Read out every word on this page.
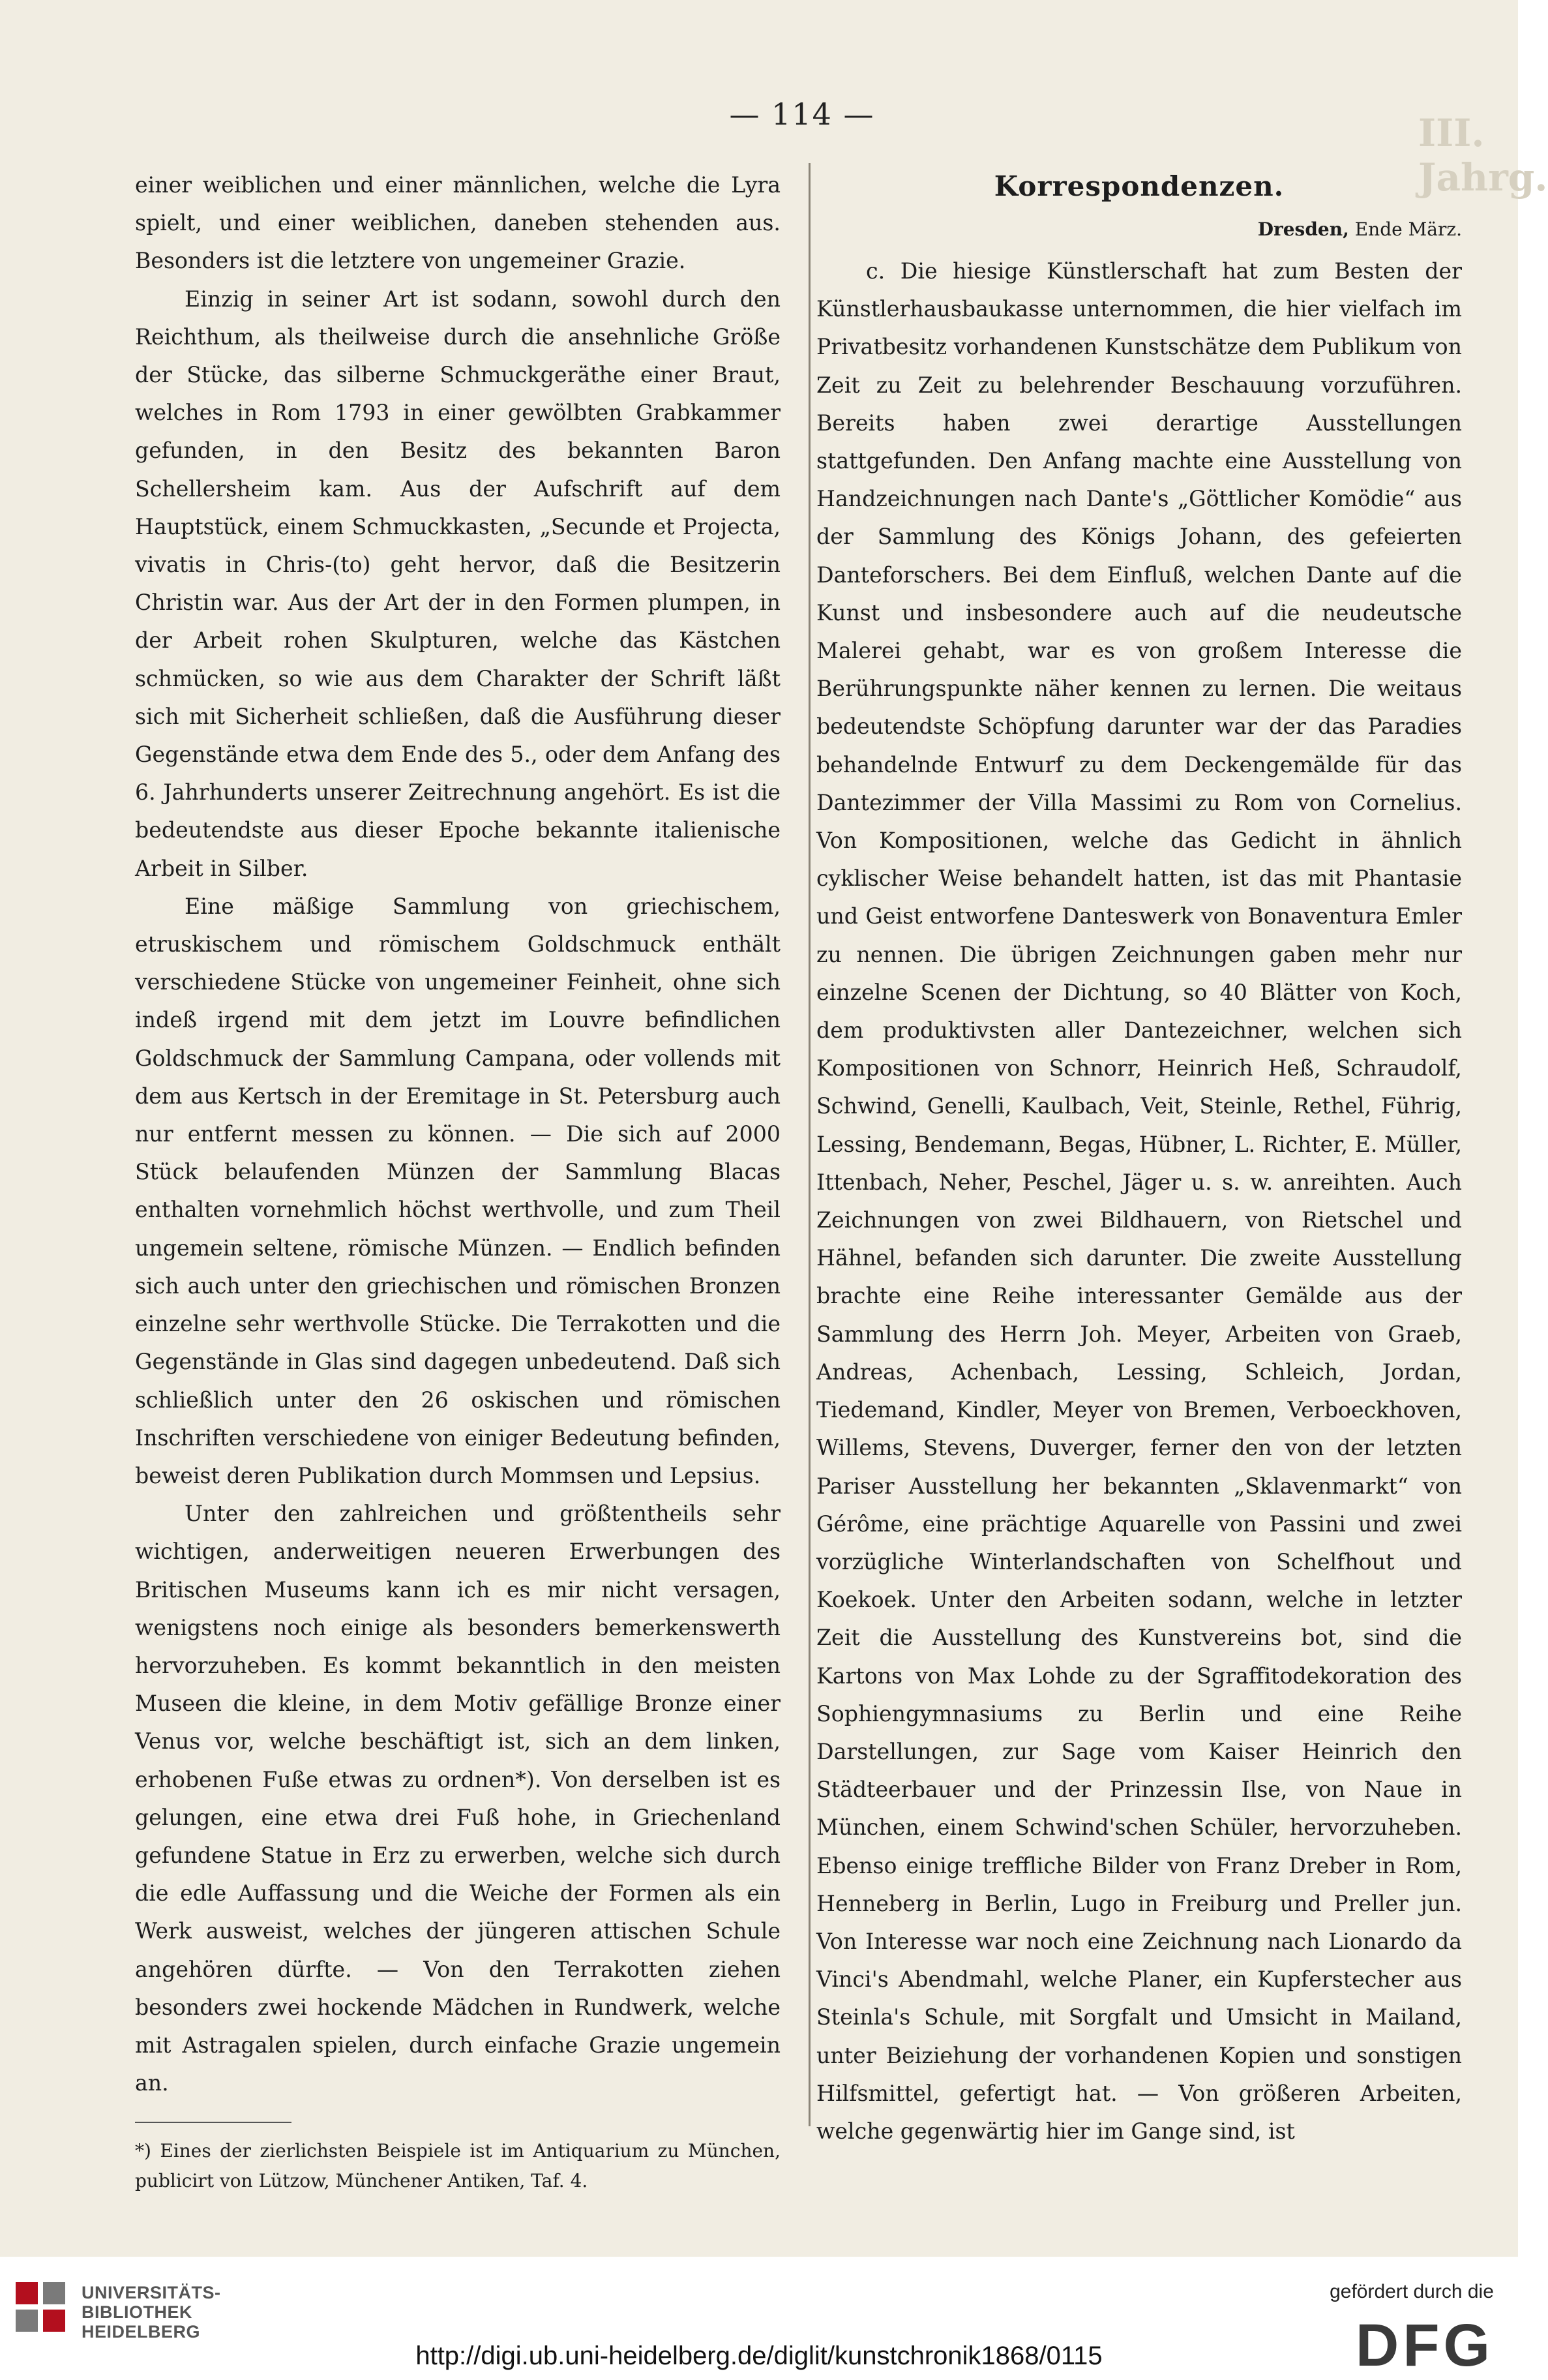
III. Jahrg.
— 114 —

einer weiblichen und einer männlichen, welche die Lyra spielt, und einer weiblichen, daneben stehenden aus. Besonders ist die letztere von ungemeiner Grazie.

Einzig in seiner Art ist sodann, sowohl durch den Reichthum, als theilweise durch die ansehnliche Größe der Stücke, das silberne Schmuckgeräthe einer Braut, welches in Rom 1793 in einer gewölbten Grabkammer gefunden, in den Besitz des bekannten Baron Schellersheim kam. Aus der Aufschrift auf dem Hauptstück, einem Schmuckkasten, „Secunde et Projecta, vivatis in Chris-(to) geht hervor, daß die Besitzerin Christin war. Aus der Art der in den Formen plumpen, in der Arbeit rohen Skulpturen, welche das Kästchen schmücken, so wie aus dem Charakter der Schrift läßt sich mit Sicherheit schließen, daß die Ausführung dieser Gegenstände etwa dem Ende des 5., oder dem Anfang des 6. Jahrhunderts unserer Zeitrechnung angehört. Es ist die bedeutendste aus dieser Epoche bekannte italienische Arbeit in Silber.

Eine mäßige Sammlung von griechischem, etruskischem und römischem Goldschmuck enthält verschiedene Stücke von ungemeiner Feinheit, ohne sich indeß irgend mit dem jetzt im Louvre befindlichen Goldschmuck der Sammlung Campana, oder vollends mit dem aus Kertsch in der Eremitage in St. Petersburg auch nur entfernt messen zu können. — Die sich auf 2000 Stück belaufenden Münzen der Sammlung Blacas enthalten vornehmlich höchst werthvolle, und zum Theil ungemein seltene, römische Münzen. — Endlich befinden sich auch unter den griechischen und römischen Bronzen einzelne sehr werthvolle Stücke. Die Terrakotten und die Gegenstände in Glas sind dagegen unbedeutend. Daß sich schließlich unter den 26 oskischen und römischen Inschriften verschiedene von einiger Bedeutung befinden, beweist deren Publikation durch Mommsen und Lepsius.

Unter den zahlreichen und größtentheils sehr wichtigen, anderweitigen neueren Erwerbungen des Britischen Museums kann ich es mir nicht versagen, wenigstens noch einige als besonders bemerkenswerth hervorzuheben. Es kommt bekanntlich in den meisten Museen die kleine, in dem Motiv gefällige Bronze einer Venus vor, welche beschäftigt ist, sich an dem linken, erhobenen Fuße etwas zu ordnen*). Von derselben ist es gelungen, eine etwa drei Fuß hohe, in Griechenland gefundene Statue in Erz zu erwerben, welche sich durch die edle Auffassung und die Weiche der Formen als ein Werk ausweist, welches der jüngeren attischen Schule angehören dürfte. — Von den Terrakotten ziehen besonders zwei hockende Mädchen in Rundwerk, welche mit Astragalen spielen, durch einfache Grazie ungemein an.

*) Eines der zierlichsten Beispiele ist im Antiquarium zu München, publicirt von Lützow, Münchener Antiken, Taf. 4.

Korrespondenzen.

Dresden, Ende März.

c. Die hiesige Künstlerschaft hat zum Besten der Künstlerhausbaukasse unternommen, die hier vielfach im Privatbesitz vorhandenen Kunstschätze dem Publikum von Zeit zu Zeit zu belehrender Beschauung vorzuführen. Bereits haben zwei derartige Ausstellungen stattgefunden. Den Anfang machte eine Ausstellung von Handzeichnungen nach Dante's „Göttlicher Komödie“ aus der Sammlung des Königs Johann, des gefeierten Danteforschers. Bei dem Einfluß, welchen Dante auf die Kunst und insbesondere auch auf die neudeutsche Malerei gehabt, war es von großem Interesse die Berührungspunkte näher kennen zu lernen. Die weitaus bedeutendste Schöpfung darunter war der das Paradies behandelnde Entwurf zu dem Deckengemälde für das Dantezimmer der Villa Massimi zu Rom von Cornelius. Von Kompositionen, welche das Gedicht in ähnlich cyklischer Weise behandelt hatten, ist das mit Phantasie und Geist entworfene Danteswerk von Bonaventura Emler zu nennen. Die übrigen Zeichnungen gaben mehr nur einzelne Scenen der Dichtung, so 40 Blätter von Koch, dem produktivsten aller Dantezeichner, welchen sich Kompositionen von Schnorr, Heinrich Heß, Schraudolf, Schwind, Genelli, Kaulbach, Veit, Steinle, Rethel, Führig, Lessing, Bendemann, Begas, Hübner, L. Richter, E. Müller, Ittenbach, Neher, Peschel, Jäger u. s. w. anreihten. Auch Zeichnungen von zwei Bildhauern, von Rietschel und Hähnel, befanden sich darunter. Die zweite Ausstellung brachte eine Reihe interessanter Gemälde aus der Sammlung des Herrn Joh. Meyer, Arbeiten von Graeb, Andreas, Achenbach, Lessing, Schleich, Jordan, Tiedemand, Kindler, Meyer von Bremen, Verboeckhoven, Willems, Stevens, Duverger, ferner den von der letzten Pariser Ausstellung her bekannten „Sklavenmarkt“ von Gérôme, eine prächtige Aquarelle von Passini und zwei vorzügliche Winterlandschaften von Schelfhout und Koekoek. Unter den Arbeiten sodann, welche in letzter Zeit die Ausstellung des Kunstvereins bot, sind die Kartons von Max Lohde zu der Sgraffitodekoration des Sophiengymnasiums zu Berlin und eine Reihe Darstellungen, zur Sage vom Kaiser Heinrich den Städteerbauer und der Prinzessin Ilse, von Naue in München, einem Schwind'schen Schüler, hervorzuheben. Ebenso einige treffliche Bilder von Franz Dreber in Rom, Henneberg in Berlin, Lugo in Freiburg und Preller jun. Von Interesse war noch eine Zeichnung nach Lionardo da Vinci's Abendmahl, welche Planer, ein Kupferstecher aus Steinla's Schule, mit Sorgfalt und Umsicht in Mailand, unter Beiziehung der vorhandenen Kopien und sonstigen Hilfsmittel, gefertigt hat. — Von größeren Arbeiten, welche gegenwärtig hier im Gange sind, ist

UNIVERSITÄTS-
BIBLIOTHEK
HEIDELBERG
http://digi.ub.uni-heidelberg.de/diglit/kunstchronik1868/0115
gefördert durch die
DFG
